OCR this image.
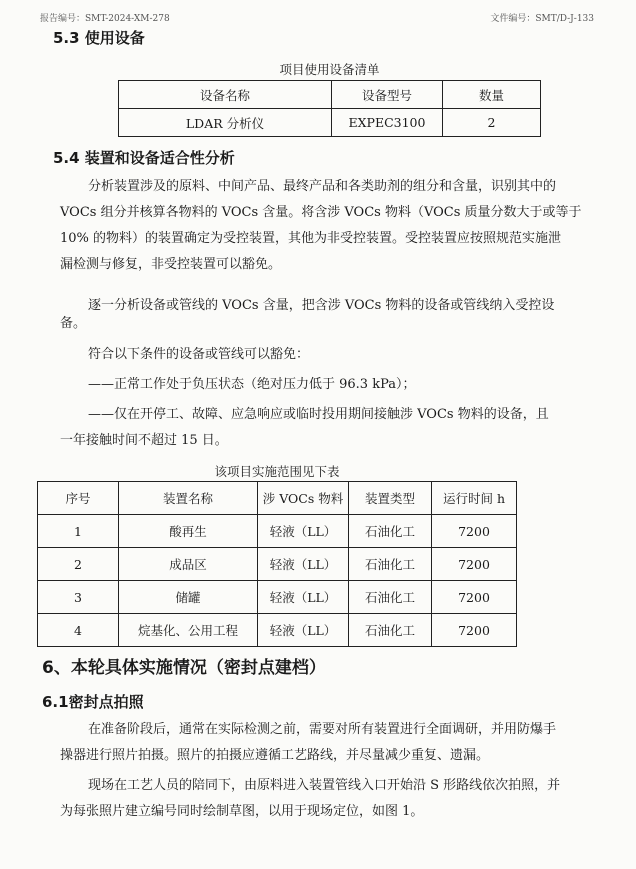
报告编号：SMT-2024-XM-278	文件编号：SMT/D-J-133
5.3 使用设备
项目使用设备清单
设备名称	设备型号	数量
LDAR 分析仪	EXPEC3100	2
5.4 装置和设备适合性分析
分析装置涉及的原料、中间产品、最终产品和各类助剂的组分和含量，识别其中的
VOCs 组分并核算各物料的 VOCs 含量。将含涉 VOCs 物料（VOCs 质量分数大于或等于
10% 的物料）的装置确定为受控装置，其他为非受控装置。受控装置应按照规范实施泄
漏检测与修复，非受控装置可以豁免。
逐一分析设备或管线的 VOCs 含量，把含涉 VOCs 物料的设备或管线纳入受控设
备。
符合以下条件的设备或管线可以豁免：
——正常工作处于负压状态（绝对压力低于 96.3 kPa）；
——仅在开停工、故障、应急响应或临时投用期间接触涉 VOCs 物料的设备，且
一年接触时间不超过 15 日。
该项目实施范围见下表
序号	装置名称	涉 VOCs 物料	装置类型	运行时间 h
1	酸再生	轻液（LL）	石油化工	7200
2	成品区	轻液（LL）	石油化工	7200
3	储罐	轻液（LL）	石油化工	7200
4	烷基化、公用工程	轻液（LL）	石油化工	7200
6、本轮具体实施情况（密封点建档）
6.1密封点拍照
在准备阶段后，通常在实际检测之前，需要对所有装置进行全面调研，并用防爆手
操器进行照片拍摄。照片的拍摄应遵循工艺路线，并尽量减少重复、遗漏。
现场在工艺人员的陪同下，由原料进入装置管线入口开始沿 S 形路线依次拍照，并
为每张照片建立编号同时绘制草图，以用于现场定位，如图 1。
